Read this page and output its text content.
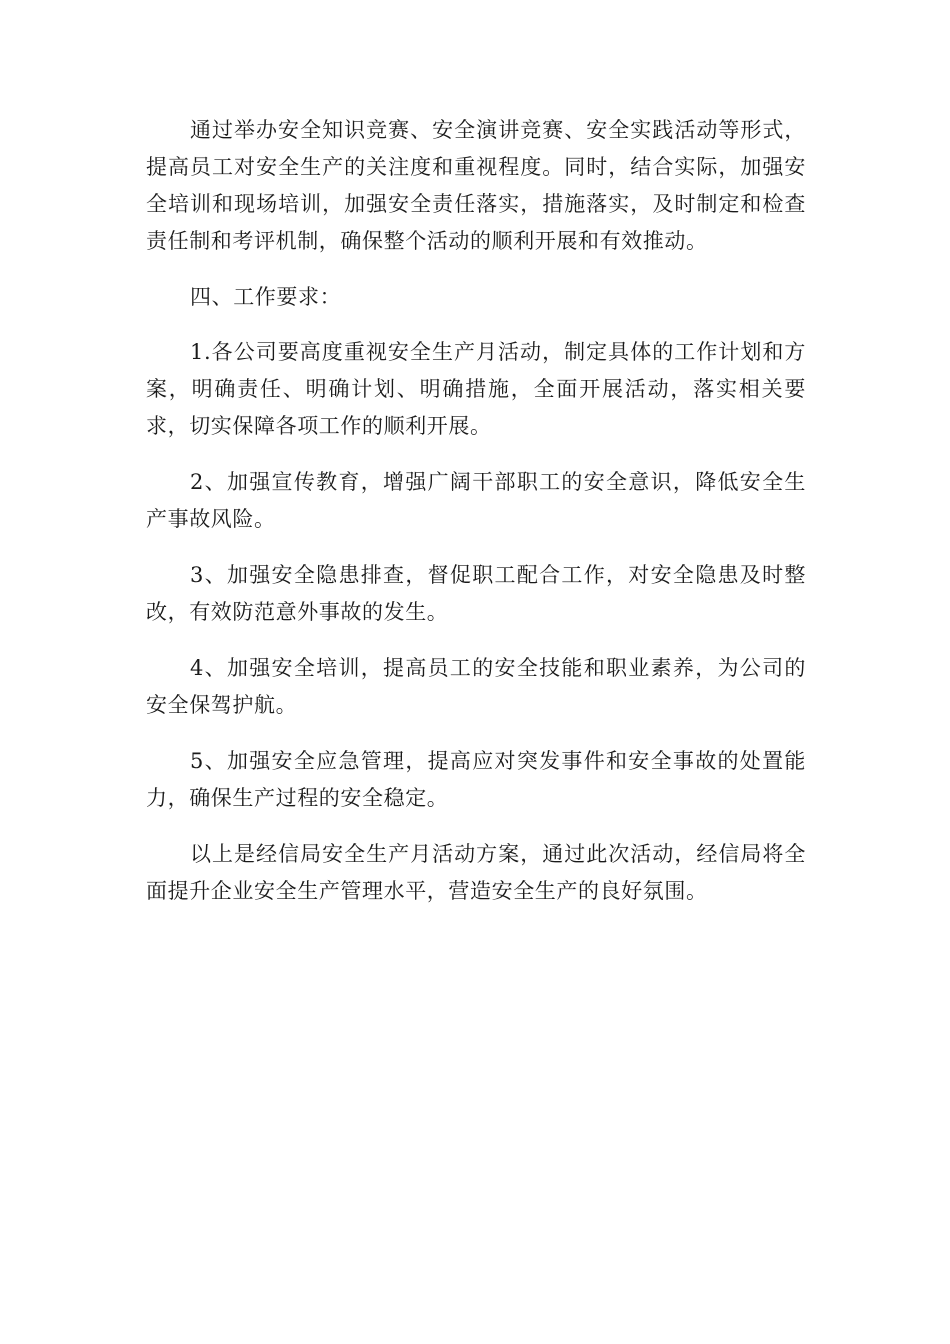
通过举办安全知识竞赛、安全演讲竞赛、安全实践活动等形式，提高员工对安全生产的关注度和重视程度。同时，结合实际，加强安全培训和现场培训，加强安全责任落实，措施落实，及时制定和检查责任制和考评机制，确保整个活动的顺利开展和有效推动。

四、工作要求：

1.各公司要高度重视安全生产月活动，制定具体的工作计划和方案，明确责任、明确计划、明确措施，全面开展活动，落实相关要求，切实保障各项工作的顺利开展。

2、加强宣传教育，增强广阔干部职工的安全意识，降低安全生产事故风险。

3、加强安全隐患排查，督促职工配合工作，对安全隐患及时整改，有效防范意外事故的发生。

4、加强安全培训，提高员工的安全技能和职业素养，为公司的安全保驾护航。

5、加强安全应急管理，提高应对突发事件和安全事故的处置能力，确保生产过程的安全稳定。

以上是经信局安全生产月活动方案，通过此次活动，经信局将全面提升企业安全生产管理水平，营造安全生产的良好氛围。
